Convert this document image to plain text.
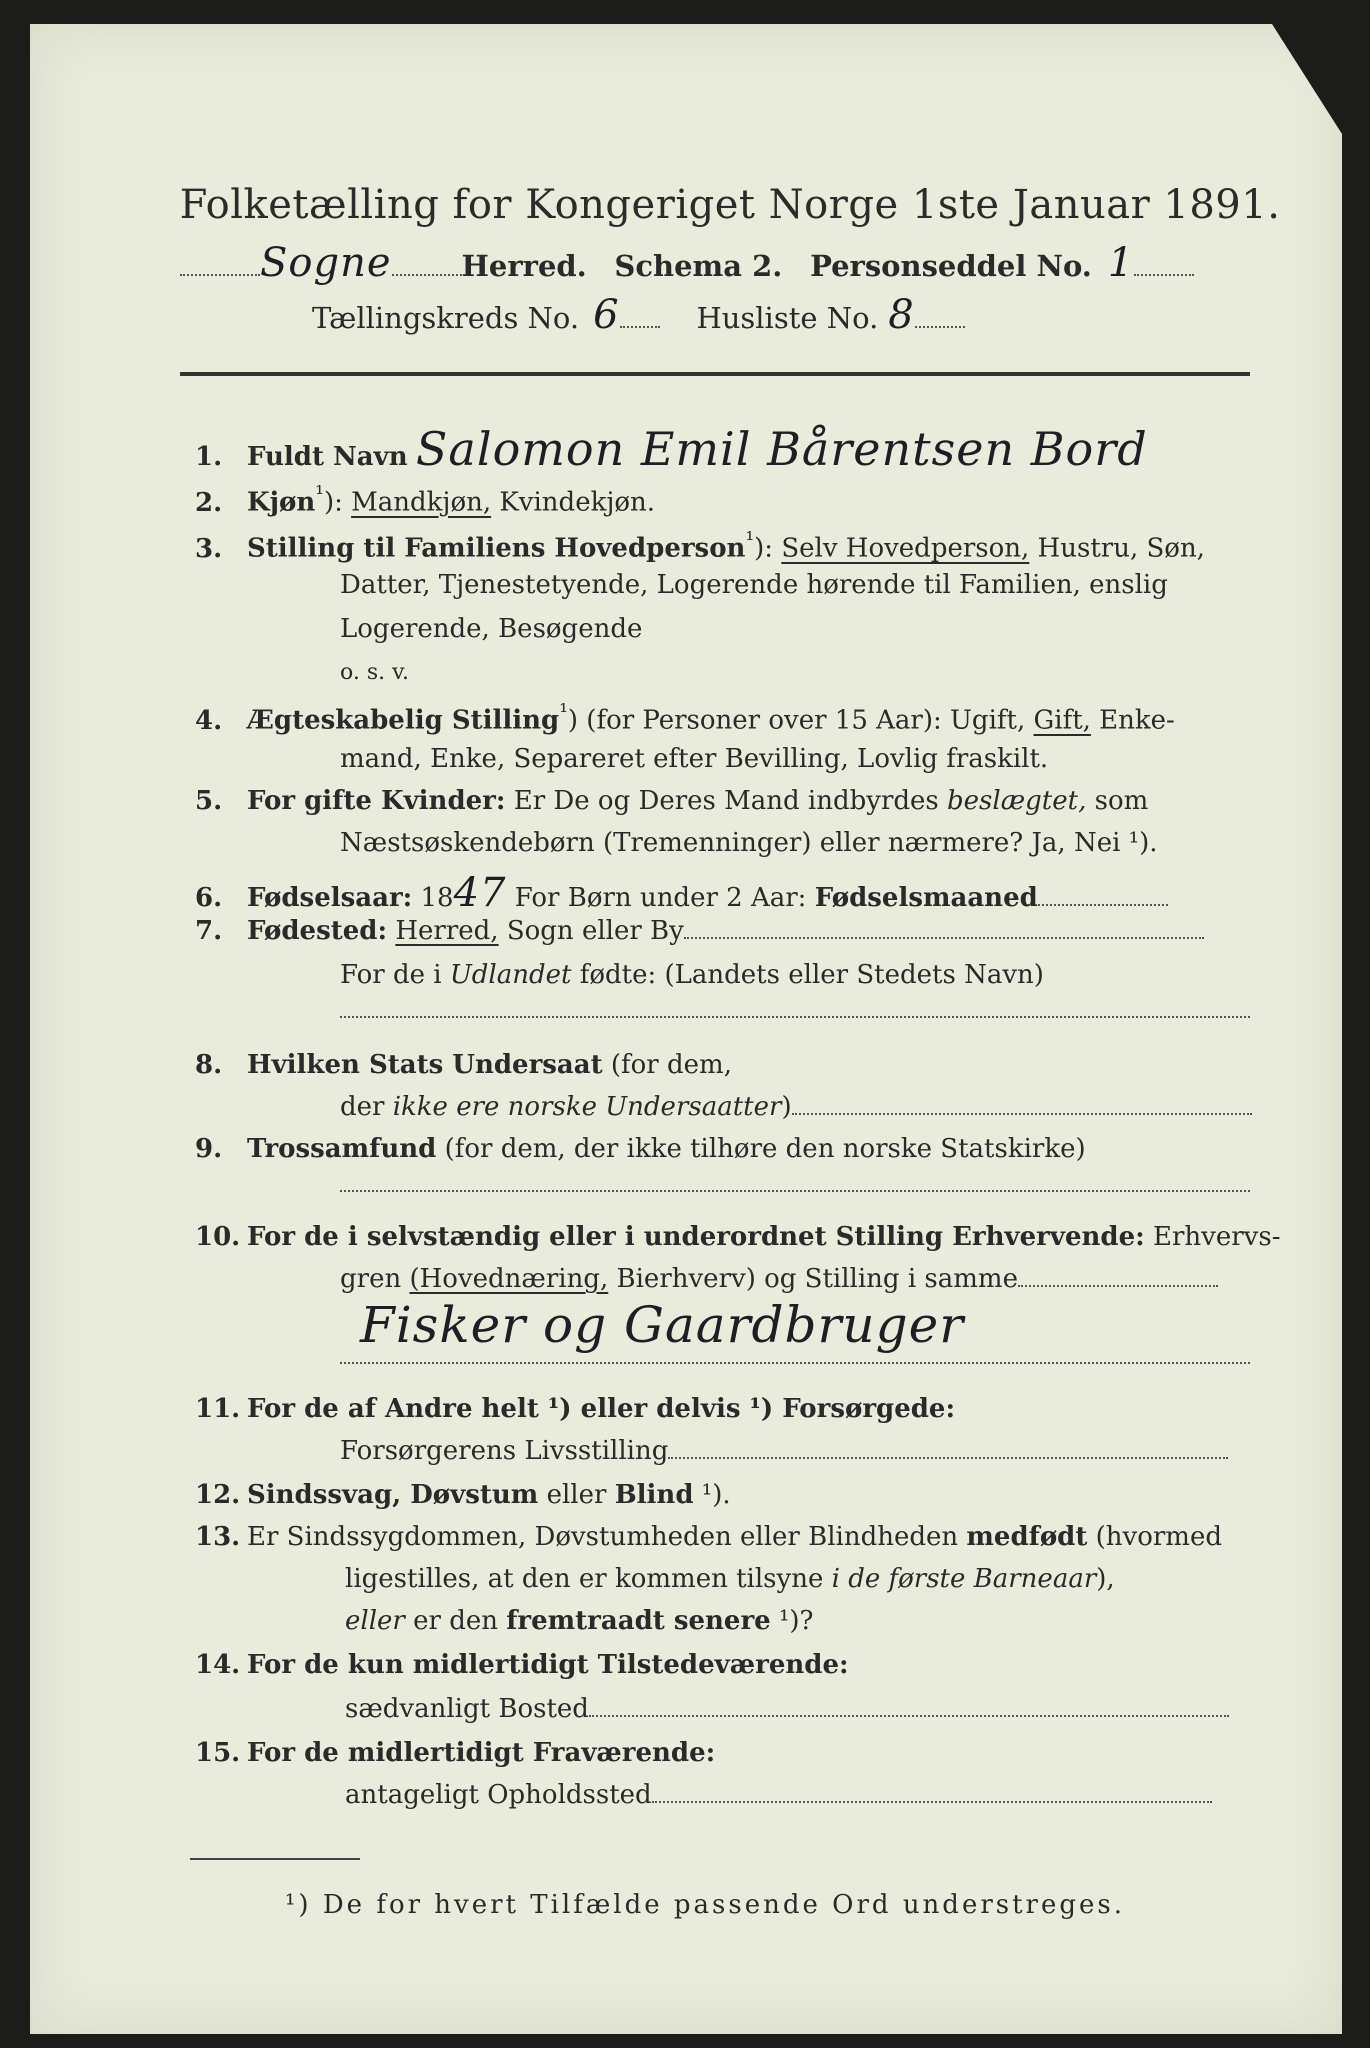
Folketælling for Kongeriget Norge 1ste Januar 1891.
Sogne Herred. Schema 2. Personseddel No. 1
Tællingskreds No. 6	Husliste No. 8
1. Fuldt Navn Salomon Emil Bårentsen Bord
2. Kjøn$^{^1}$): Mandkjøn, Kvindekjøn.
3. Stilling til Familiens Hovedperson$^{^1}$): Selv Hovedperson, Hustru, Søn,
Datter, Tjenestetyende, Logerende hørende til Familien, enslig
Logerende, Besøgende
o. s. v.
4. Ægteskabelig Stilling$^{^1}$) (for Personer over 15 Aar): Ugift, Gift, Enke-
mand, Enke, Separeret efter Bevilling, Lovlig fraskilt.
5. For gifte Kvinder: Er De og Deres Mand indbyrdes beslægtet, som
Næstsøskendebørn (Tremenninger) eller nærmere? Ja, Nei ¹).
6. Fødselsaar: 1847 For Børn under 2 Aar: Fødselsmaaned
7. Fødested: Herred, Sogn eller By
For de i Udlandet fødte: (Landets eller Stedets Navn)
8. Hvilken Stats Undersaat (for dem,
der ikke ere norske Undersaatter)
9. Trossamfund (for dem, der ikke tilhøre den norske Statskirke)
10. For de i selvstændig eller i underordnet Stilling Erhvervende: Erhvervs-
gren (Hovednæring, Bierhverv) og Stilling i samme
Fisker og Gaardbruger
11. For de af Andre helt ¹) eller delvis ¹) Forsørgede:
Forsørgerens Livsstilling
12. Sindssvag, Døvstum eller Blind ¹).
13. Er Sindssygdommen, Døvstumheden eller Blindheden medfødt (hvormed
ligestilles, at den er kommen tilsyne i de første Barneaar),
eller er den fremtraadt senere ¹)?
14. For de kun midlertidigt Tilstedeværende:
sædvanligt Bosted
15. For de midlertidigt Fraværende:
antageligt Opholdssted
¹) De for hvert Tilfælde passende Ord understreges.
